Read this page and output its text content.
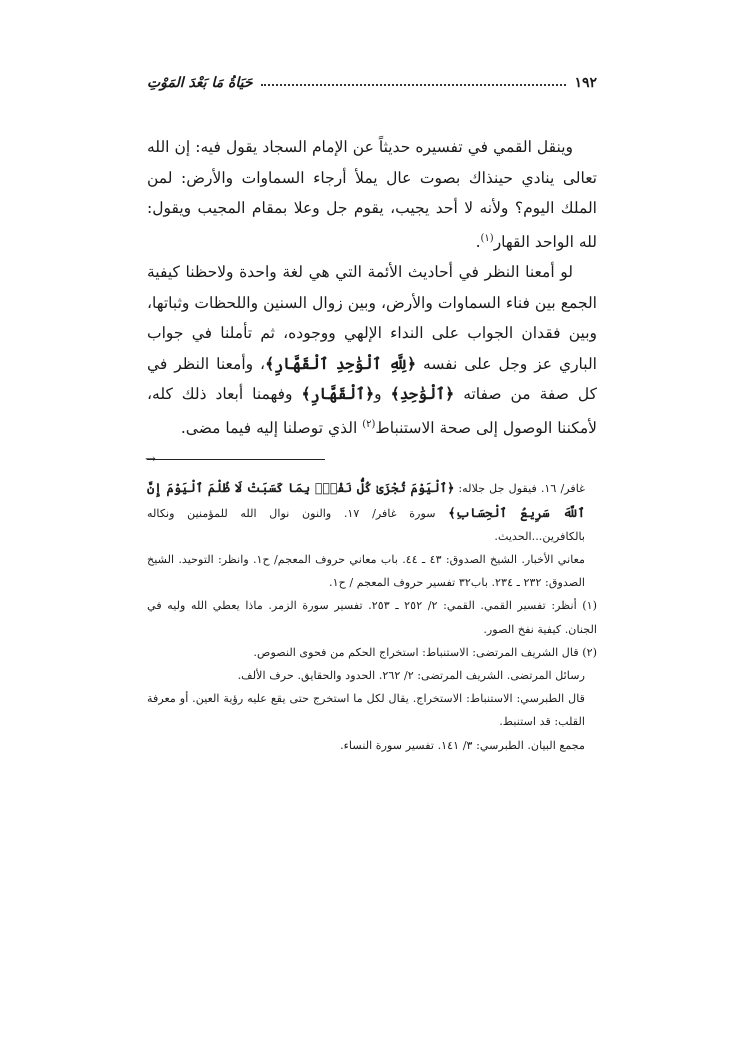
١٩٢
حَيَاةُ مَا بَعْدَ المَوْتِ

وينقل القمي في تفسيره حديثاً عن الإمام السجاد يقول فيه: إن الله تعالى ينادي حينذاك بصوت عال يملأ أرجاء السماوات والأرض: لمن الملك اليوم؟ ولأنه لا أحد يجيب، يقوم جل وعلا بمقام المجيب ويقول: لله الواحد القهار$^{(١)}$.

لو أمعنا النظر في أحاديث الأئمة التي هي لغة واحدة ولاحظنا كيفية الجمع بين فناء السماوات والأرض، وبين زوال السنين واللحظات وثباتها، وبين فقدان الجواب على النداء الإلهي ووجوده، ثم تأملنا في جواب الباري عز وجل على نفسه ﴿لِلَّهِ ٱلْوَٰحِدِ ٱلْقَهَّارِ﴾، وأمعنا النظر في كل صفة من صفاته ﴿ٱلْوَٰحِدِ﴾ و﴿ٱلْقَهَّارِ﴾ وفهمنا أبعاد ذلك كله، لأمكننا الوصول إلى صحة الاستنباط$^{(٢)}$ الذي توصلنا إليه فيما مضى.

→

غافر/ ١٦. فيقول جل جلاله: ﴿ٱلْيَوْمَ تُجْزَىٰ كُلُّ نَفْسٍۭ بِمَا كَسَبَتْ لَا ظُلْمَ ٱلْيَوْمَ إِنَّ ٱللَّهَ سَرِيعُ ٱلْحِسَابِ﴾ سورة غافر/ ١٧. والنون نوال الله للمؤمنين ونكاله بالكافرين...الحديث.

معاني الأخبار. الشيخ الصدوق: ٤٣ ـ ٤٤. باب معاني حروف المعجم/ ح١. وانظر: التوحيد. الشيخ الصدوق: ٢٣٢ ـ ٢٣٤. باب٣٢ تفسير حروف المعجم / ح١.

(١) أنظر: تفسير القمي. القمي: ٢/ ٢٥٢ ـ ٢٥٣. تفسير سورة الزمر. ماذا يعطي الله وليه في الجنان. كيفية نفخ الصور.

(٢) قال الشريف المرتضى: الاستنباط: استخراج الحكم من فحوى النصوص.

رسائل المرتضى. الشريف المرتضى: ٢/ ٢٦٢. الحدود والحقايق. حرف الألف.

قال الطبرسي: الاستنباط: الاستخراج. يقال لكل ما استخرج حتى يقع عليه رؤية العين. أو معرفة القلب: قد استنبط.

مجمع البيان. الطبرسي: ٣/ ١٤١. تفسير سورة النساء.
